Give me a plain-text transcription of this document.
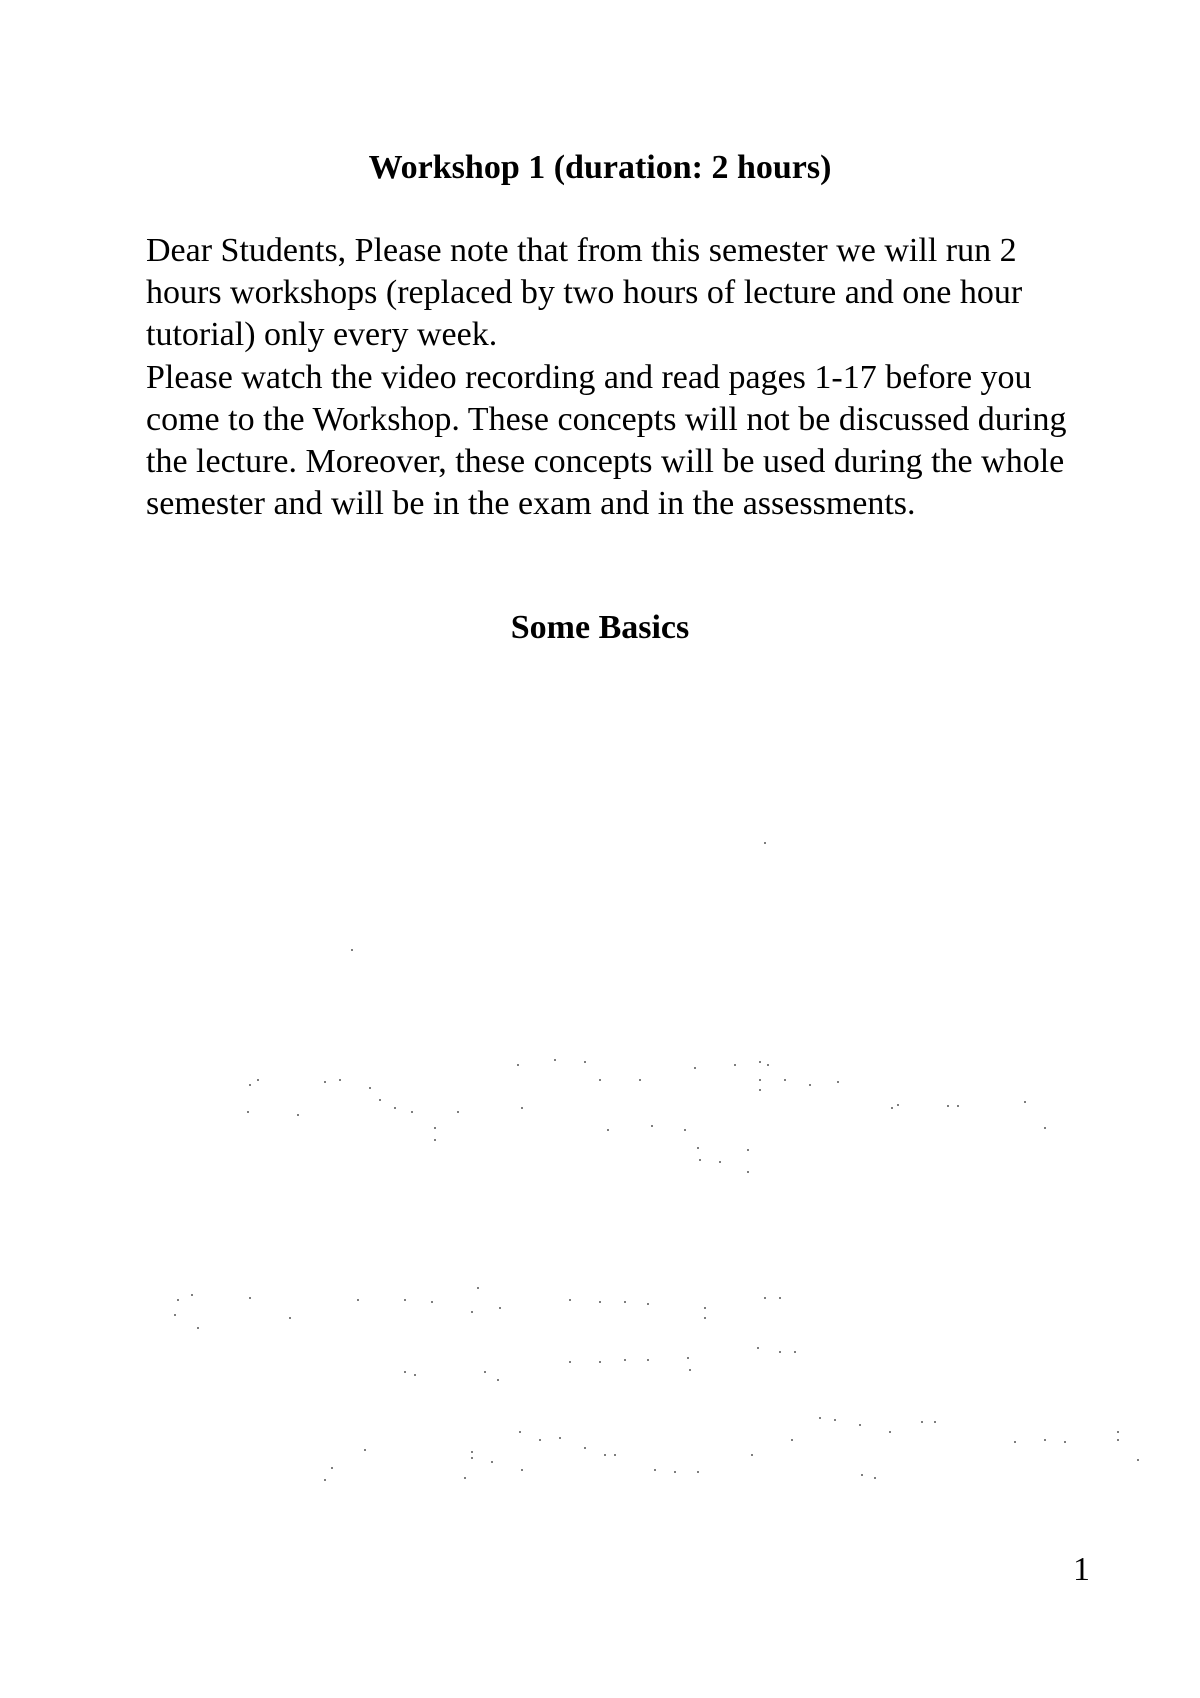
Workshop 1 (duration: 2 hours)

Dear Students, Please note that from this semester we will run 2 hours workshops (replaced by two hours of lecture and one hour tutorial) only every week.

Please watch the video recording and read pages 1-17 before you come to the Workshop. These concepts will not be discussed during the lecture. Moreover, these concepts will be used during the whole semester and will be in the exam and in the assessments.

Some Basics
1
